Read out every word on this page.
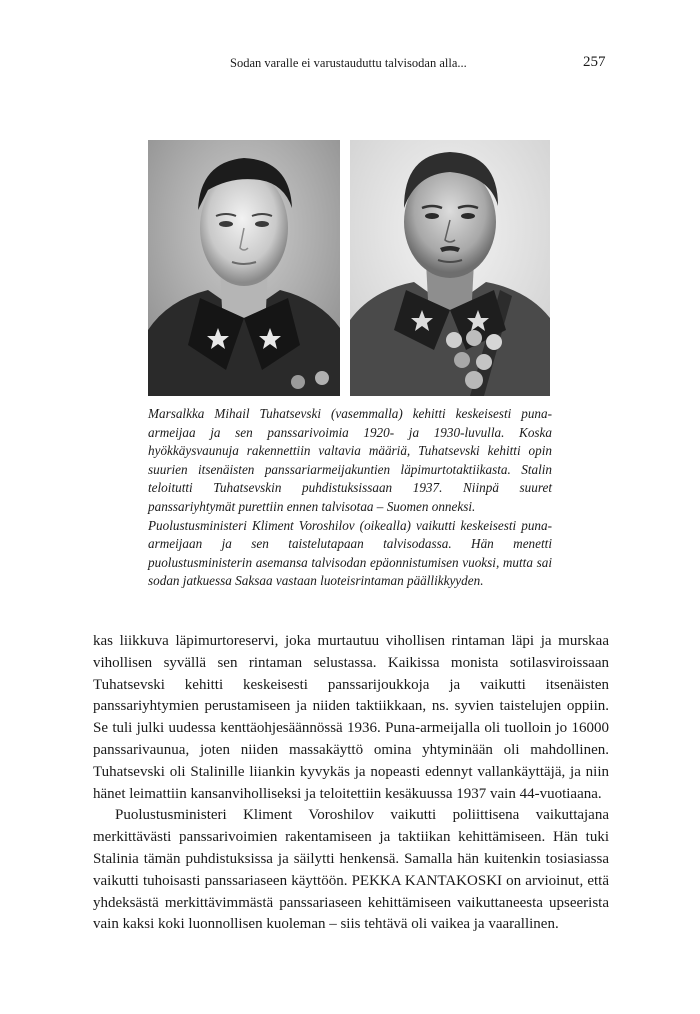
Sodan varalle ei varustauduttu talvisodan alla...	257

Marsalkka Mihail Tuhatsevski (vasemmalla) kehitti keskeisesti puna-armeijaa ja sen panssarivoimia 1920- ja 1930-luvulla. Koska hyökkäysvaunuja rakennettiin valtavia määriä, Tuhatsevski kehitti opin suurien itsenäisten panssariarmeijakuntien läpimurtotaktiikasta. Stalin teloitutti Tuhatsevskin puhdistuksissaan 1937. Niinpä suuret panssariyhtymät purettiin ennen talvisotaa – Suomen onneksi.

Puolustusministeri Kliment Voroshilov (oikealla) vaikutti keskeisesti puna-armeijaan ja sen taistelutapaan talvisodassa. Hän menetti puolustusministerin asemansa talvisodan epäonnistumisen vuoksi, mutta sai sodan jatkuessa Saksaa vastaan luoteisrintaman päällikkyyden.

kas liikkuva läpimurtoreservi, joka murtautuu vihollisen rintaman läpi ja murskaa vihollisen syvällä sen rintaman selustassa. Kaikissa monista sotilasviroissaan Tuhatsevski kehitti keskeisesti panssarijoukkoja ja vaikutti itsenäisten panssariyhtymien perustamiseen ja niiden taktiikkaan, ns. syvien taistelujen oppiin. Se tuli julki uudessa kenttäohjesäännössä 1936. Puna-armeijalla oli tuolloin jo 16000 panssarivaunua, joten niiden massakäyttö omina yhtyminään oli mahdollinen. Tuhatsevski oli Stalinille liiankin kyvykäs ja nopeasti edennyt vallankäyttäjä, ja niin hänet leimattiin kansanviholliseksi ja teloitettiin kesäkuussa 1937 vain 44-vuotiaana.

Puolustusministeri Kliment Voroshilov vaikutti poliittisena vaikuttajana merkittävästi panssarivoimien rakentamiseen ja taktiikan kehittämiseen. Hän tuki Stalinia tämän puhdistuksissa ja säilytti henkensä. Samalla hän kuitenkin tosiasiassa vaikutti tuhoisasti panssariaseen käyttöön. PEKKA KANTAKOSKI on arvioinut, että yhdeksästä merkittävimmästä panssariaseen kehittämiseen vaikuttaneesta upseerista vain kaksi koki luonnollisen kuoleman – siis tehtävä oli vaikea ja vaarallinen.
